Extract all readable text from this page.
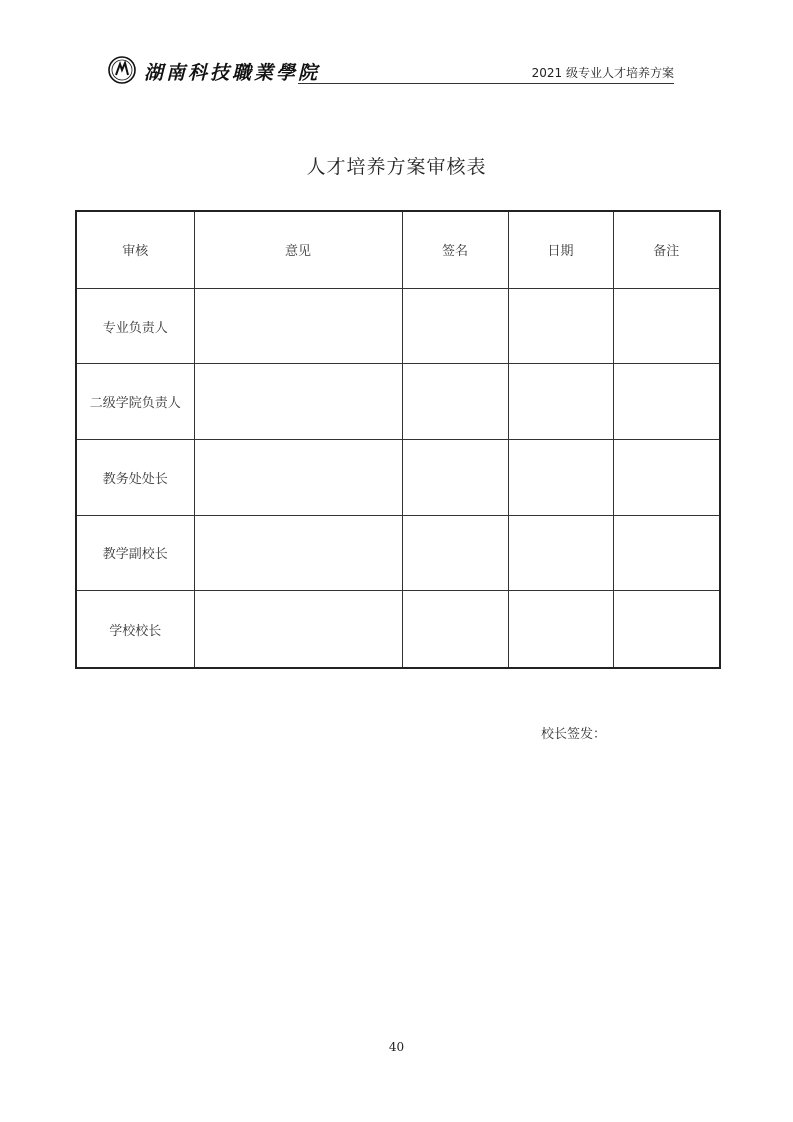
湖南科技職業學院	2021 级专业人才培养方案
人才培养方案审核表
审核	意见	签名	日期	备注
专业负责人				
二级学院负责人				
教务处处长				
教学副校长				
学校校长				
校长签发：
40
